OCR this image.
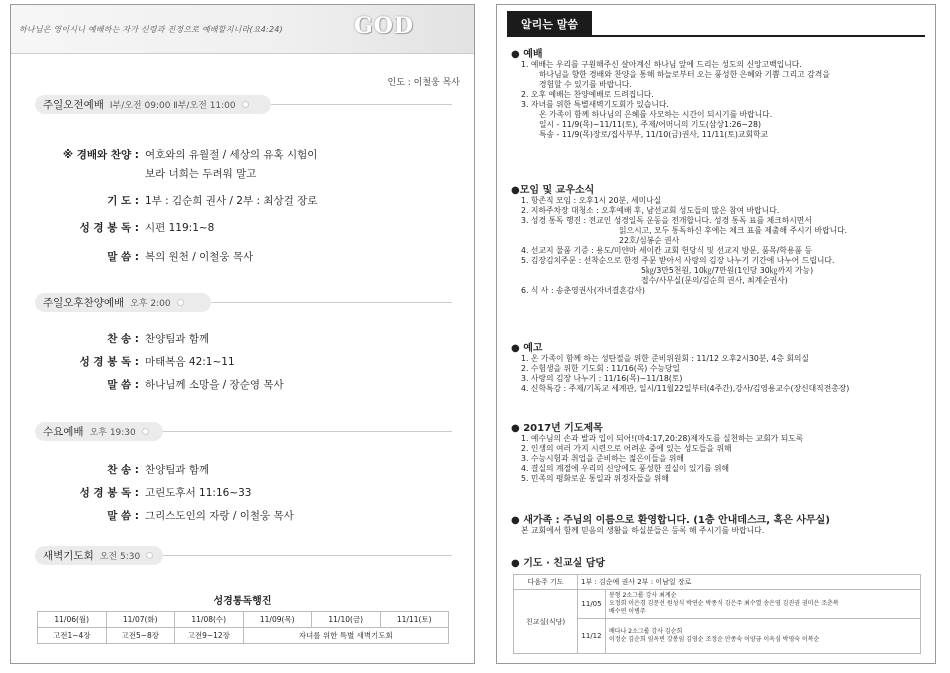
하나님은 영이시니 예배하는 자가 신령과 진정으로 예배할지니라(요4:24)	GOD
인도 : 이철웅 목사
주일오전예배 Ⅰ부/오전 09:00 Ⅱ부/오전 11:00
※ 경배와 찬양 : 여호와의 유월절 / 세상의 유혹 시험이
보라 너희는 두려워 말고
기 도 : 1부 : 김순희 권사 / 2부 : 최상걸 장로
성 경 봉 독 : 시편 119:1~8
말 씀 : 복의 원천 / 이철웅 목사
주일오후찬양예배 오후 2:00
찬 송 : 찬양팀과 함께
성 경 봉 독 : 마태복음 42:1~11
말 씀 : 하나님께 소망을 / 장순영 목사
수요예배 오후 19:30
찬 송 : 찬양팀과 함께
성 경 봉 독 : 고린도후서 11:16~33
말 씀 : 그리스도인의 자랑 / 이철웅 목사
새벽기도회 오전 5:30
성경통독행진
11/06(월)	11/07(화)	11/08(수)	11/09(목)	11/10(금)	11/11(토)
고전1~4장	고전5~8장	고전9~12장	자녀를 위한 특별 새벽기도회		
알리는 말씀
● 예배
1. 예배는 우리를 구원해주신 살아계신 하나님 앞에 드리는 성도의 신앙고백입니다.
하나님을 향한 경배와 찬양을 통해 하늘로부터 오는 풍성한 은혜와 기쁨 그리고 감격을
경험할 수 있기를 바랍니다.
2. 오후 예배는 찬양예배로 드려집니다.
3. 자녀를 위한 특별새벽기도회가 있습니다.
온 가족이 함께 하나님의 은혜를 사모하는 시간이 되시기를 바랍니다.
일시 - 11/9(목)~11/11(토), 주제/어머니의 기도(삼상1:26~28)
특송 - 11/9(목)장로/집사부부, 11/10(금)권사, 11/11(토)교회학교
●모임 및 교우소식
1. 항존직 모임 : 오후1시 20분, 세미나실
2. 지하주차장 대청소 : 오후예배 후, 남선교회 성도들의 많은 참여 바랍니다.
3. 성경 통독 행진 : 전교인 성경일독 운동을 전개합니다. 성경 통독 표를 체크하시면서
읽으시고, 모두 통독하신 후에는 체크 표를 제출해 주시기 바랍니다.
22호/심봉순 권사
4. 선교지 물품 기증 : 용도/미얀마 세이칸 교회 헌당식 및 선교지 방문, 품목/학용품 등
5. 김장김치주문 : 선착순으로 한정 주문 받아서 사랑의 김장 나누기 기간에 나누어 드립니다.
5㎏/3만5천원, 10㎏/7만원(1인당 30㎏까지 가능)
접수/사무실(문의/김순희 권사, 최계순권사)
6. 식 사 : 송춘영권사(자녀결혼감사)
● 예고
1. 온 가족이 함께 하는 성탄절을 위한 준비위원회 : 11/12 오후2시30분, 4층 회의실
2. 수험생을 위한 기도회 : 11/16(목) 수능당일
3. 사랑의 김장 나누기 : 11/16(목)~11/18(토)
4. 신학특강 : 주제/기독교 세계관, 일시/11월22일부터(4주간),강사/김영용교수(장신대직전총장)
● 2017년 기도제목
1. 예수님의 손과 발과 입이 되어!(마4:17,20:28)제자도를 실천하는 교회가 되도록
2. 인생의 여러 가지 시련으로 어려운 중에 있는 성도들을 위해
3. 수능시험과 취업을 준비하는 젊은이들을 위해
4. 결실의 계절에 우리의 신앙에도 풍성한 결실이 있기를 위해
5. 민족의 평화로운 통일과 위정자들을 위해
● 새가족 : 주님의 이름으로 환영합니다. (1층 안내데스크, 혹은 사무실)
본 교회에서 함께 믿음의 생활을 하실분들은 등록 해 주시기를 바랍니다.
● 기도 · 친교실 담당
다음주 기도	1부 : 김순예 권사 2부 : 이남일 장로	
친교실(식당)	11/05	봉형 2소그룹 강사 최계순
오정희 이은경 김문선 원성식 박연순 박종식 김은주 최수열 송은영 김진권 권미은 조춘복
배수연 이병주

	11/12	배다나 2소그룹 강사 김순희
이정순 김순희 임옥빈 강봉임 김영순 조정순 안종숙 이양금 이옥심 박영숙 이복순
